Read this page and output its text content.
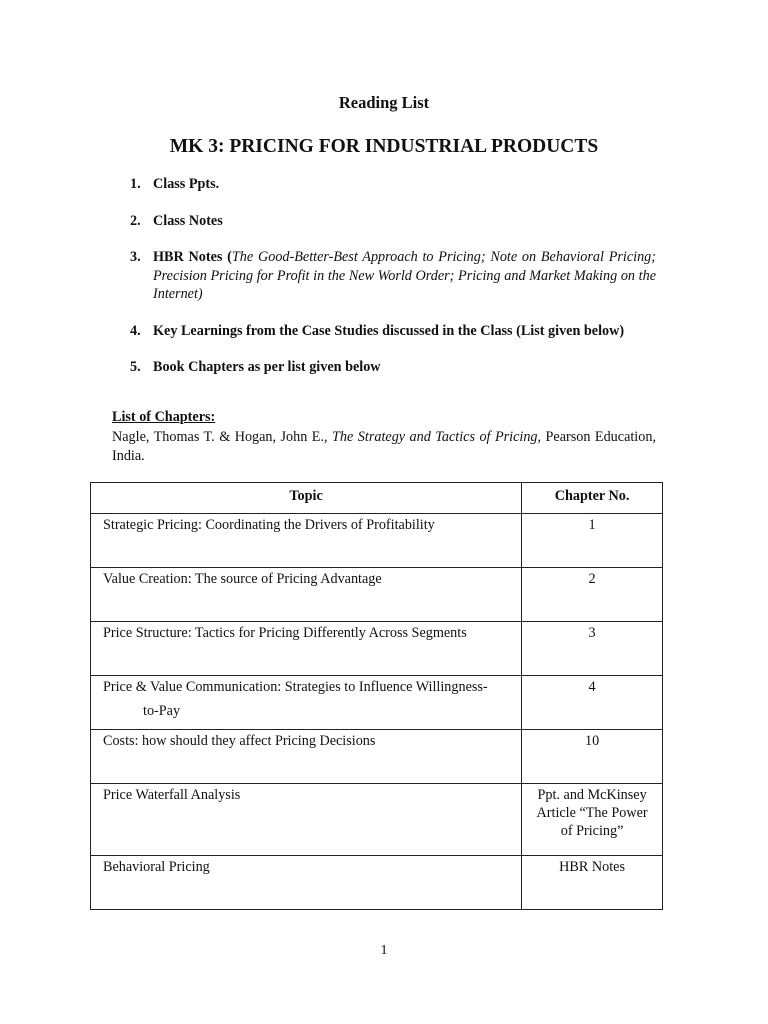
Reading List
MK 3: PRICING FOR INDUSTRIAL PRODUCTS
1. Class Ppts.
2. Class Notes
3. HBR Notes (The Good-Better-Best Approach to Pricing; Note on Behavioral Pricing; Precision Pricing for Profit in the New World Order; Pricing and Market Making on the Internet)
4. Key Learnings from the Case Studies discussed in the Class (List given below)
5. Book Chapters as per list given below

List of Chapters:

Nagle, Thomas T. & Hogan, John E., The Strategy and Tactics of Pricing, Pearson Education, India.

Topic	Chapter No.
Strategic Pricing: Coordinating the Drivers of Profitability	1
Value Creation: The source of Pricing Advantage	2
Price Structure: Tactics for Pricing Differently Across Segments	3

Price & Value Communication: Strategies to Influence Willingness-
to-Pay	4
Costs: how should they affect Pricing Decisions	10
Price Waterfall Analysis	Ppt. and McKinsey Article “The Power of Pricing”
Behavioral Pricing	HBR Notes

1
